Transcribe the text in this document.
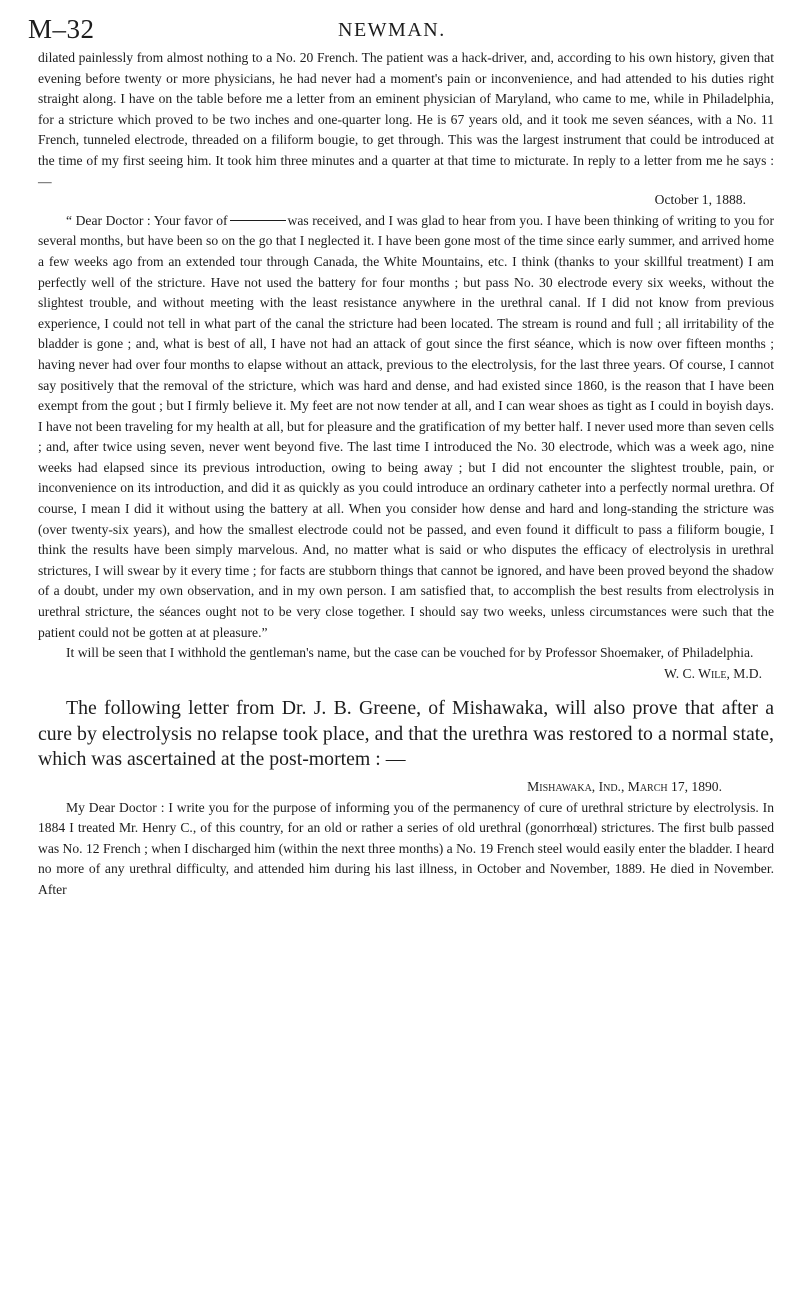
M–32	NEWMAN.

dilated painlessly from almost nothing to a No. 20 French. The patient was a hack-driver, and, according to his own history, given that evening before twenty or more physicians, he had never had a moment's pain or inconvenience, and had attended to his duties right straight along. I have on the table before me a letter from an eminent physician of Maryland, who came to me, while in Philadelphia, for a stricture which proved to be two inches and one-quarter long. He is 67 years old, and it took me seven séances, with a No. 11 French, tunneled electrode, threaded on a filiform bougie, to get through. This was the largest instrument that could be introduced at the time of my first seeing him. It took him three minutes and a quarter at that time to micturate. In reply to a letter from me he says :—

October 1, 1888.

“ Dear Doctor : Your favor of	was received, and I was glad to hear from you. I have been thinking of writing to you for several months, but have been so on the go that I neglected it. I have been gone most of the time since early summer, and arrived home a few weeks ago from an extended tour through Canada, the White Mountains, etc. I think (thanks to your skillful treatment) I am perfectly well of the stricture. Have not used the battery for four months ; but pass No. 30 electrode every six weeks, without the slightest trouble, and without meeting with the least resistance anywhere in the urethral canal. If I did not know from previous experience, I could not tell in what part of the canal the stricture had been located. The stream is round and full ; all irritability of the bladder is gone ; and, what is best of all, I have not had an attack of gout since the first séance, which is now over fifteen months ; having never had over four months to elapse without an attack, previous to the electrolysis, for the last three years. Of course, I cannot say positively that the removal of the stricture, which was hard and dense, and had existed since 1860, is the reason that I have been exempt from the gout ; but I firmly believe it. My feet are not now tender at all, and I can wear shoes as tight as I could in boyish days. I have not been traveling for my health at all, but for pleasure and the gratification of my better half. I never used more than seven cells ; and, after twice using seven, never went beyond five. The last time I introduced the No. 30 electrode, which was a week ago, nine weeks had elapsed since its previous introduction, owing to being away ; but I did not encounter the slightest trouble, pain, or inconvenience on its introduction, and did it as quickly as you could introduce an ordinary catheter into a perfectly normal urethra. Of course, I mean I did it without using the battery at all. When you consider how dense and hard and long-standing the stricture was (over twenty-six years), and how the smallest electrode could not be passed, and even found it difficult to pass a filiform bougie, I think the results have been simply marvelous. And, no matter what is said or who disputes the efficacy of electrolysis in urethral strictures, I will swear by it every time ; for facts are stubborn things that cannot be ignored, and have been proved beyond the shadow of a doubt, under my own observation, and in my own person. I am satisfied that, to accomplish the best results from electrolysis in urethral stricture, the séances ought not to be very close together. I should say two weeks, unless circumstances were such that the patient could not be gotten at at pleasure.”

It will be seen that I withhold the gentleman's name, but the case can be vouched for by Professor Shoemaker, of Philadelphia.

W. C. Wile, M.D.

The following letter from Dr. J. B. Greene, of Mishawaka, will also prove that after a cure by electrolysis no relapse took place, and that the urethra was restored to a normal state, which was ascertained at the post-mortem : —

Mishawaka, Ind., March 17, 1890.

My Dear Doctor : I write you for the purpose of informing you of the permanency of cure of urethral stricture by electrolysis. In 1884 I treated Mr. Henry C., of this country, for an old or rather a series of old urethral (gonorrhœal) strictures. The first bulb passed was No. 12 French ; when I discharged him (within the next three months) a No. 19 French steel would easily enter the bladder. I heard no more of any urethral difficulty, and attended him during his last illness, in October and November, 1889. He died in November. After
